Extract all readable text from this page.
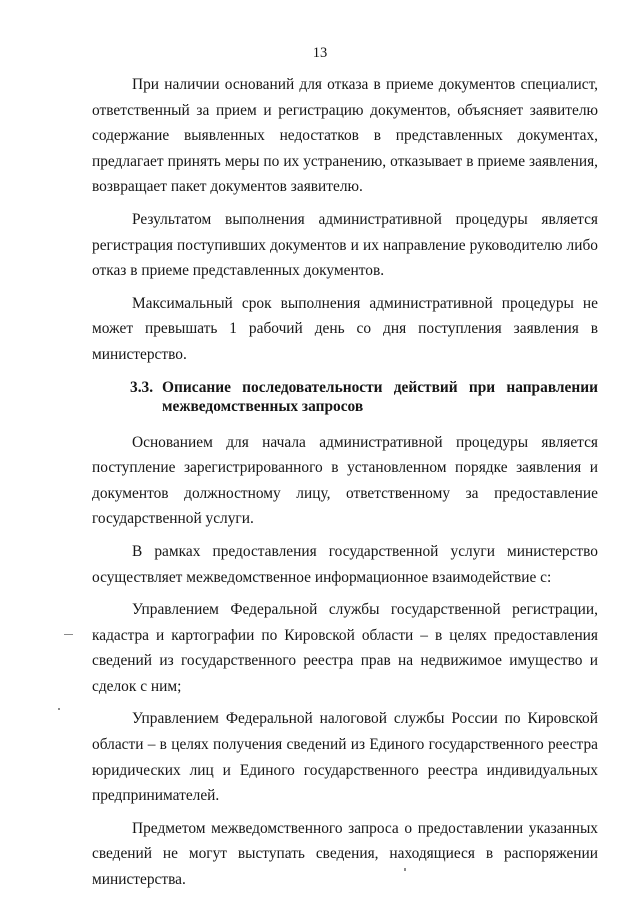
13

При наличии оснований для отказа в приеме документов специалист, ответственный за прием и регистрацию документов, объясняет заявителю содержание выявленных недостатков в представленных документах, предлагает принять меры по их устранению, отказывает в приеме заявления, возвращает пакет документов заявителю.

Результатом выполнения административной процедуры является регистрация поступивших документов и их направление руководителю либо отказ в приеме представленных документов.

Максимальный срок выполнения административной процедуры не может превышать 1 рабочий день со дня поступления заявления в министерство.

3.3. Описание последовательности действий при направлении межведомственных запросов

Основанием для начала административной процедуры является поступление зарегистрированного в установленном порядке заявления и документов должностному лицу, ответственному за предоставление государственной услуги.

В рамках предоставления государственной услуги министерство осуществляет межведомственное информационное взаимодействие с:

Управлением Федеральной службы государственной регистрации, кадастра и картографии по Кировской области – в целях предоставления сведений из государственного реестра прав на недвижимое имущество и сделок с ним;

Управлением Федеральной налоговой службы России по Кировской области – в целях получения сведений из Единого государственного реестра юридических лиц и Единого государственного реестра индивидуальных предпринимателей.

Предметом межведомственного запроса о предоставлении указанных сведений не могут выступать сведения, находящиеся в распоряжении министерства.
